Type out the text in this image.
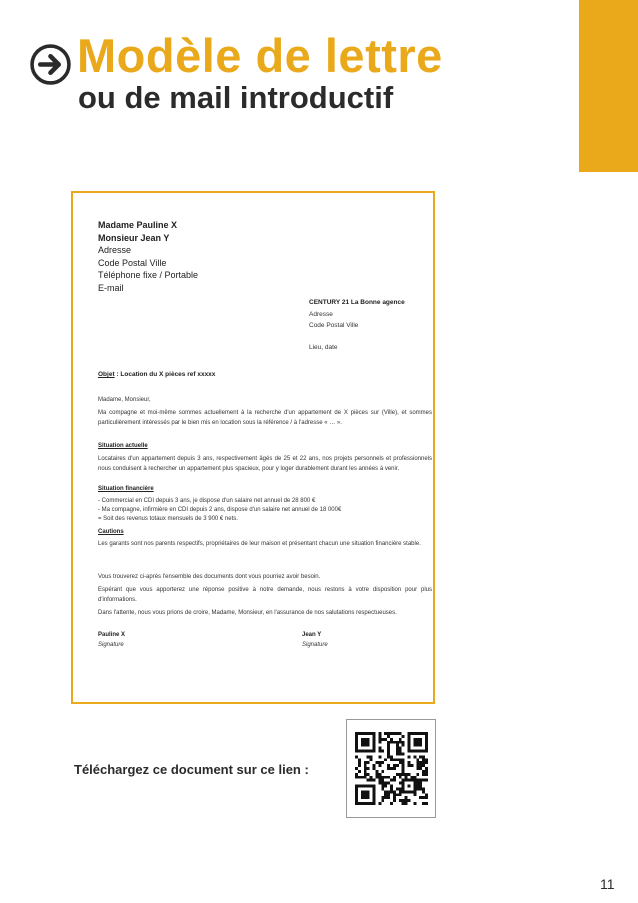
Modèle de lettre
ou de mail introductif
Madame Pauline X
Monsieur Jean Y
Adresse
Code Postal Ville
Téléphone fixe / Portable
E-mail
CENTURY 21 La Bonne agence
Adresse
Code Postal Ville
Lieu, date
Objet : Location du X pièces ref xxxxx
Madame, Monsieur,
Ma compagne et moi-même sommes actuellement à la recherche d'un appartement de X pièces sur (Ville), et sommes particulièrement intéressés par le bien mis en location sous la référence / à l'adresse « … ».
Situation actuelle
Locataires d'un appartement depuis 3 ans, respectivement âgés de 25 et 22 ans, nos projets personnels et professionnels nous conduisent à rechercher un appartement plus spacieux, pour y loger durablement durant les années à venir.
Situation financière
- Commercial en CDI depuis 3 ans, je dispose d'un salaire net annuel de 28 800 €
- Ma compagne, infirmière en CDI depuis 2 ans, dispose d'un salaire net annuel de 18 000€
= Soit des revenus totaux mensuels de 3 900 € nets.
Cautions
Les garants sont nos parents respectifs, propriétaires de leur maison et présentant chacun une situation financière stable.
Vous trouverez ci-après l'ensemble des documents dont vous pourriez avoir besoin.
Espérant que vous apporterez une réponse positive à notre demande, nous restons à votre disposition pour plus d'informations.
Dans l'attente, nous vous prions de croire, Madame, Monsieur, en l'assurance de nos salutations respectueuses.
Pauline X
Signature
Jean Y
Signature
Téléchargez ce document sur ce lien :
11
